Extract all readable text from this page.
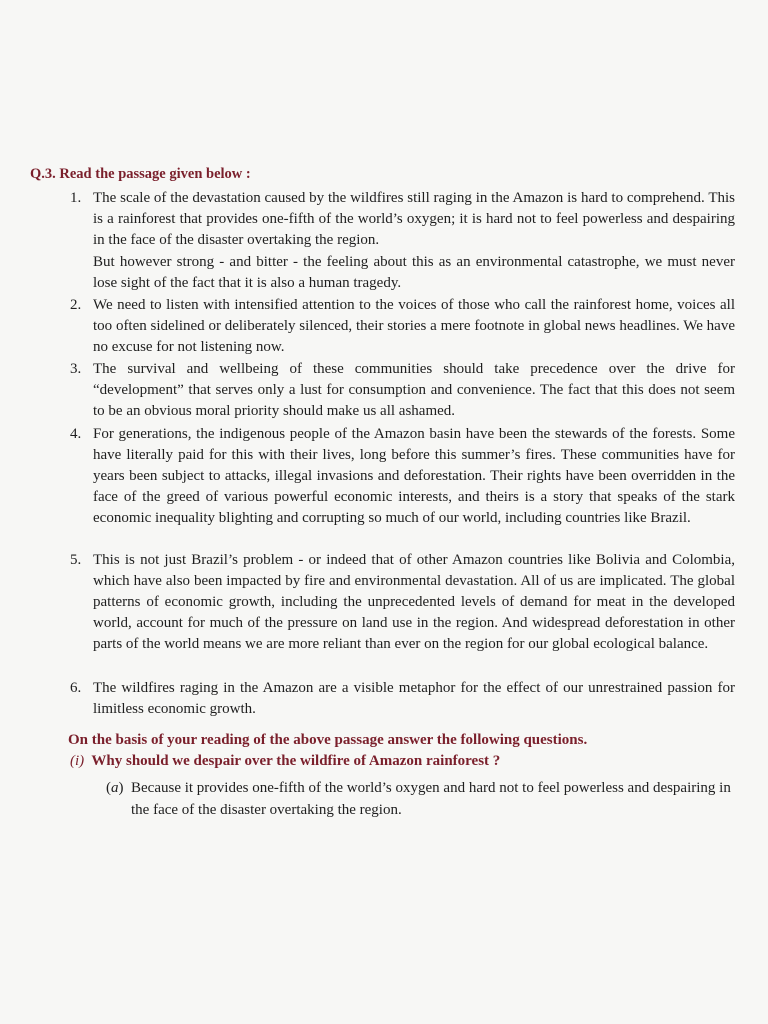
Q.3. Read the passage given below :
1. The scale of the devastation caused by the wildfires still raging in the Amazon is hard to comprehend. This is a rainforest that provides one-fifth of the world’s oxygen; it is hard not to feel powerless and despairing in the face of the disaster overtaking the region.
But however strong - and bitter - the feeling about this as an environmental catastrophe, we must never lose sight of the fact that it is also a human tragedy.
2. We need to listen with intensified attention to the voices of those who call the rainforest home, voices all too often sidelined or deliberately silenced, their stories a mere footnote in global news headlines. We have no excuse for not listening now.
3. The survival and wellbeing of these communities should take precedence over the drive for “development” that serves only a lust for consumption and convenience. The fact that this does not seem to be an obvious moral priority should make us all ashamed.
4. For generations, the indigenous people of the Amazon basin have been the stewards of the forests. Some have literally paid for this with their lives, long before this summer’s fires. These communities have for years been subject to attacks, illegal invasions and deforestation. Their rights have been overridden in the face of the greed of various powerful economic interests, and theirs is a story that speaks of the stark economic inequality blighting and corrupting so much of our world, including countries like Brazil.
5. This is not just Brazil’s problem - or indeed that of other Amazon countries like Bolivia and Colombia, which have also been impacted by fire and environmental devastation. All of us are implicated. The global patterns of economic growth, including the unprecedented levels of demand for meat in the developed world, account for much of the pressure on land use in the region. And widespread deforestation in other parts of the world means we are more reliant than ever on the region for our global ecological balance.
6. The wildfires raging in the Amazon are a visible metaphor for the effect of our unrestrained passion for limitless economic growth.
On the basis of your reading of the above passage answer the following questions.
(i) Why should we despair over the wildfire of Amazon rainforest ?
(a) Because it provides one-fifth of the world’s oxygen and hard not to feel powerless and despairing in the face of the disaster overtaking the region.
